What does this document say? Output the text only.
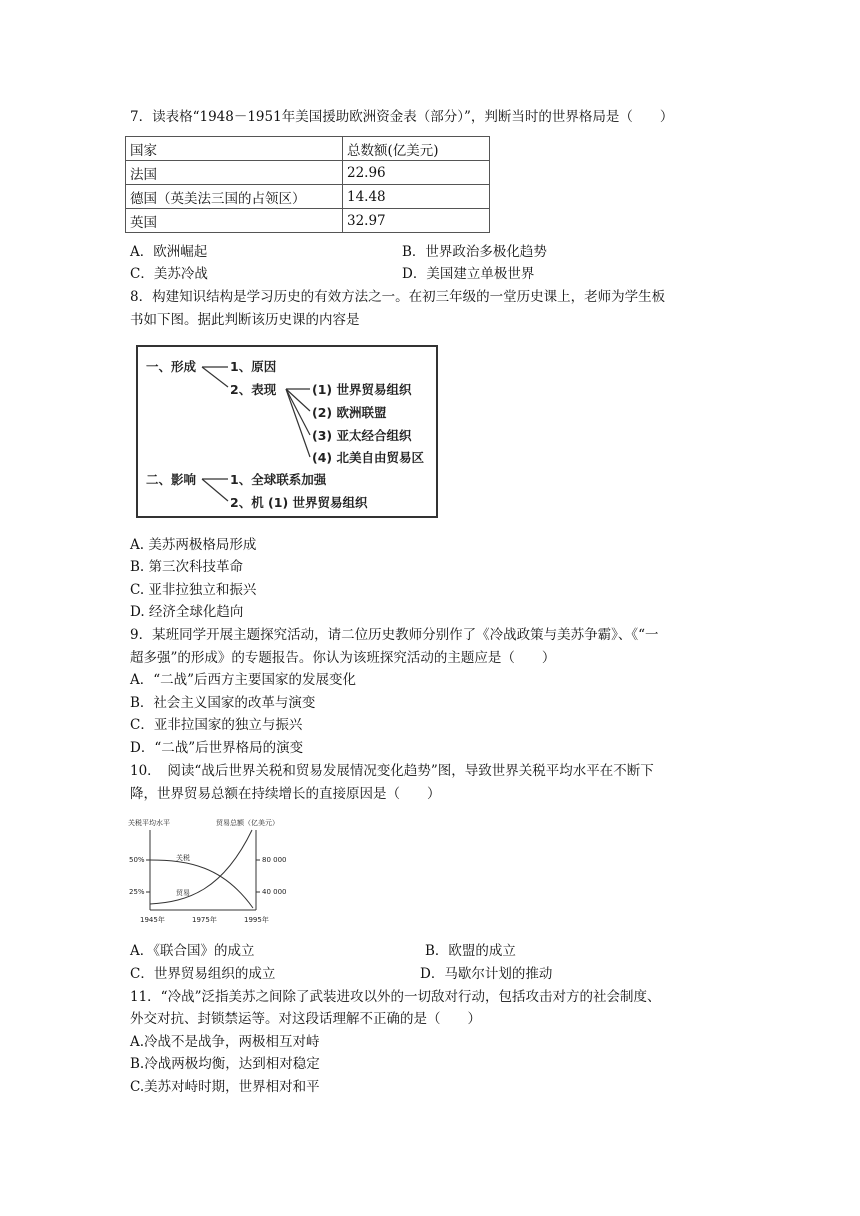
7．读表格“1948－1951年美国援助欧洲资金表（部分）”，判断当时的世界格局是（　　）
国家	总数额(亿美元)
法国	22.96
德国（英美法三国的占领区）	14.48
英国	32.97
A．欧洲崛起	B．世界政治多极化趋势
C．美苏冷战	D．美国建立单极世界
8．构建知识结构是学习历史的有效方法之一。在初三年级的一堂历史课上，老师为学生板
书如下图。据此判断该历史课的内容是
一、形成	1、原因
2、表现	(1) 世界贸易组织
(2) 欧洲联盟
(3) 亚太经合组织
(4) 北美自由贸易区
二、影响	1、全球联系加强
2、机 (1) 世界贸易组织
A. 美苏两极格局形成
B. 第三次科技革命
C. 亚非拉独立和振兴
D. 经济全球化趋向
9．某班同学开展主题探究活动，请二位历史教师分别作了《冷战政策与美苏争霸》、《“一
超多强”的形成》的专题报告。你认为该班探究活动的主题应是（　　）
A．“二战”后西方主要国家的发展变化
B．社会主义国家的改革与演变
C．亚非拉国家的独立与振兴
D．“二战”后世界格局的演变
10．　阅读“战后世界关税和贸易发展情况变化趋势”图，导致世界关税平均水平在不断下
降，世界贸易总额在持续增长的直接原因是（　　）
关税平均水平	贸易总额（亿美元）
50%
25%
80 000
40 000
关税
贸易
1945年	1975年	1995年
A．《联合国》的成立	B．欧盟的成立
C．世界贸易组织的成立	D．马歇尔计划的推动
11．“冷战”泛指美苏之间除了武装进攻以外的一切敌对行动，包括攻击对方的社会制度、
外交对抗、封锁禁运等。对这段话理解不正确的是（　　）
A.冷战不是战争，两极相互对峙
B.冷战两极均衡，达到相对稳定
C.美苏对峙时期，世界相对和平
